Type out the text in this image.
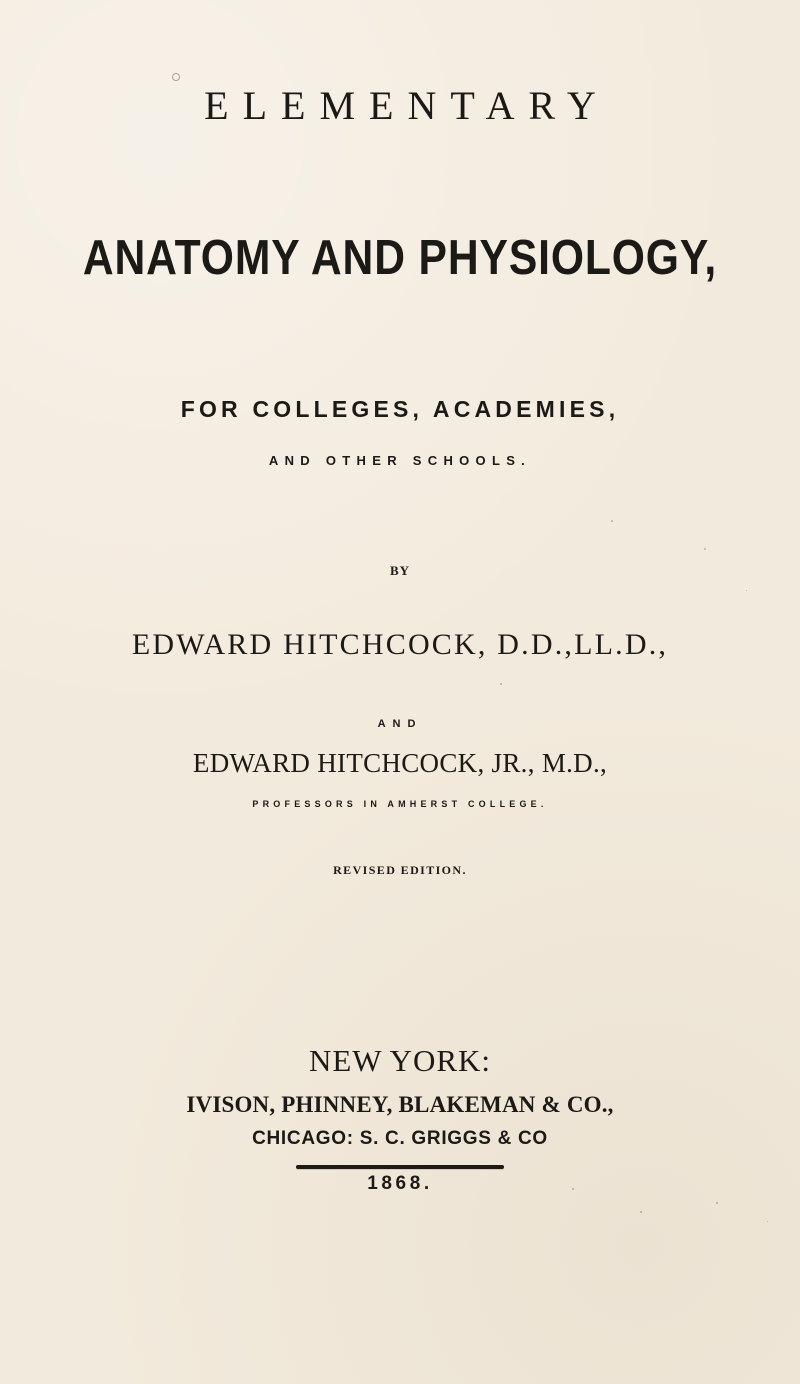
ELEMENTARY
ANATOMY AND PHYSIOLOGY,
FOR COLLEGES, ACADEMIES,
AND OTHER SCHOOLS.
BY
EDWARD HITCHCOCK, D.D.,LL.D.,
AND
EDWARD HITCHCOCK, JR., M.D.,
PROFESSORS IN AMHERST COLLEGE.
REVISED EDITION.
NEW YORK:
IVISON, PHINNEY, BLAKEMAN & CO.,
CHICAGO: S. C. GRIGGS & CO
1868.
